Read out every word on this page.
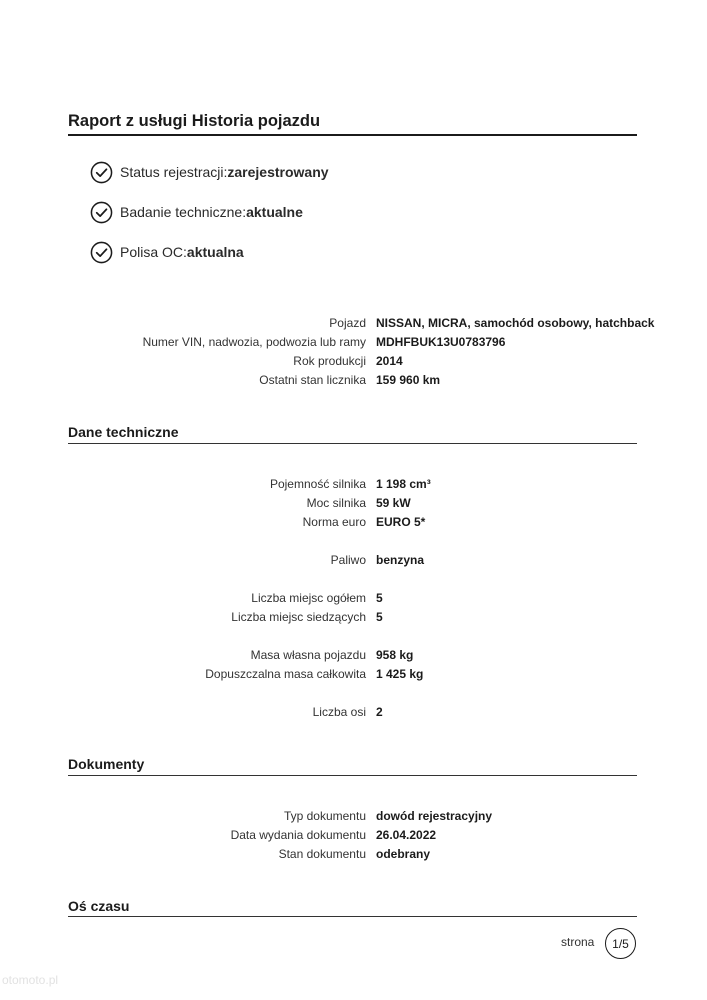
Raport z usługi Historia pojazdu
Status rejestracji: zarejestrowany
Badanie techniczne: aktualne
Polisa OC: aktualna
Pojazd NISSAN, MICRA, samochód osobowy, hatchback
Numer VIN, nadwozia, podwozia lub ramy MDHFBUK13U0783796
Rok produkcji 2014
Ostatni stan licznika 159 960 km
Dane techniczne
Pojemność silnika 1 198 cm³
Moc silnika 59 kW
Norma euro EURO 5*
Paliwo benzyna
Liczba miejsc ogółem 5
Liczba miejsc siedzących 5
Masa własna pojazdu 958 kg
Dopuszczalna masa całkowita 1 425 kg
Liczba osi 2
Dokumenty
Typ dokumentu dowód rejestracyjny
Data wydania dokumentu 26.04.2022
Stan dokumentu odebrany
Oś czasu
strona 1/5
otomoto.pl
